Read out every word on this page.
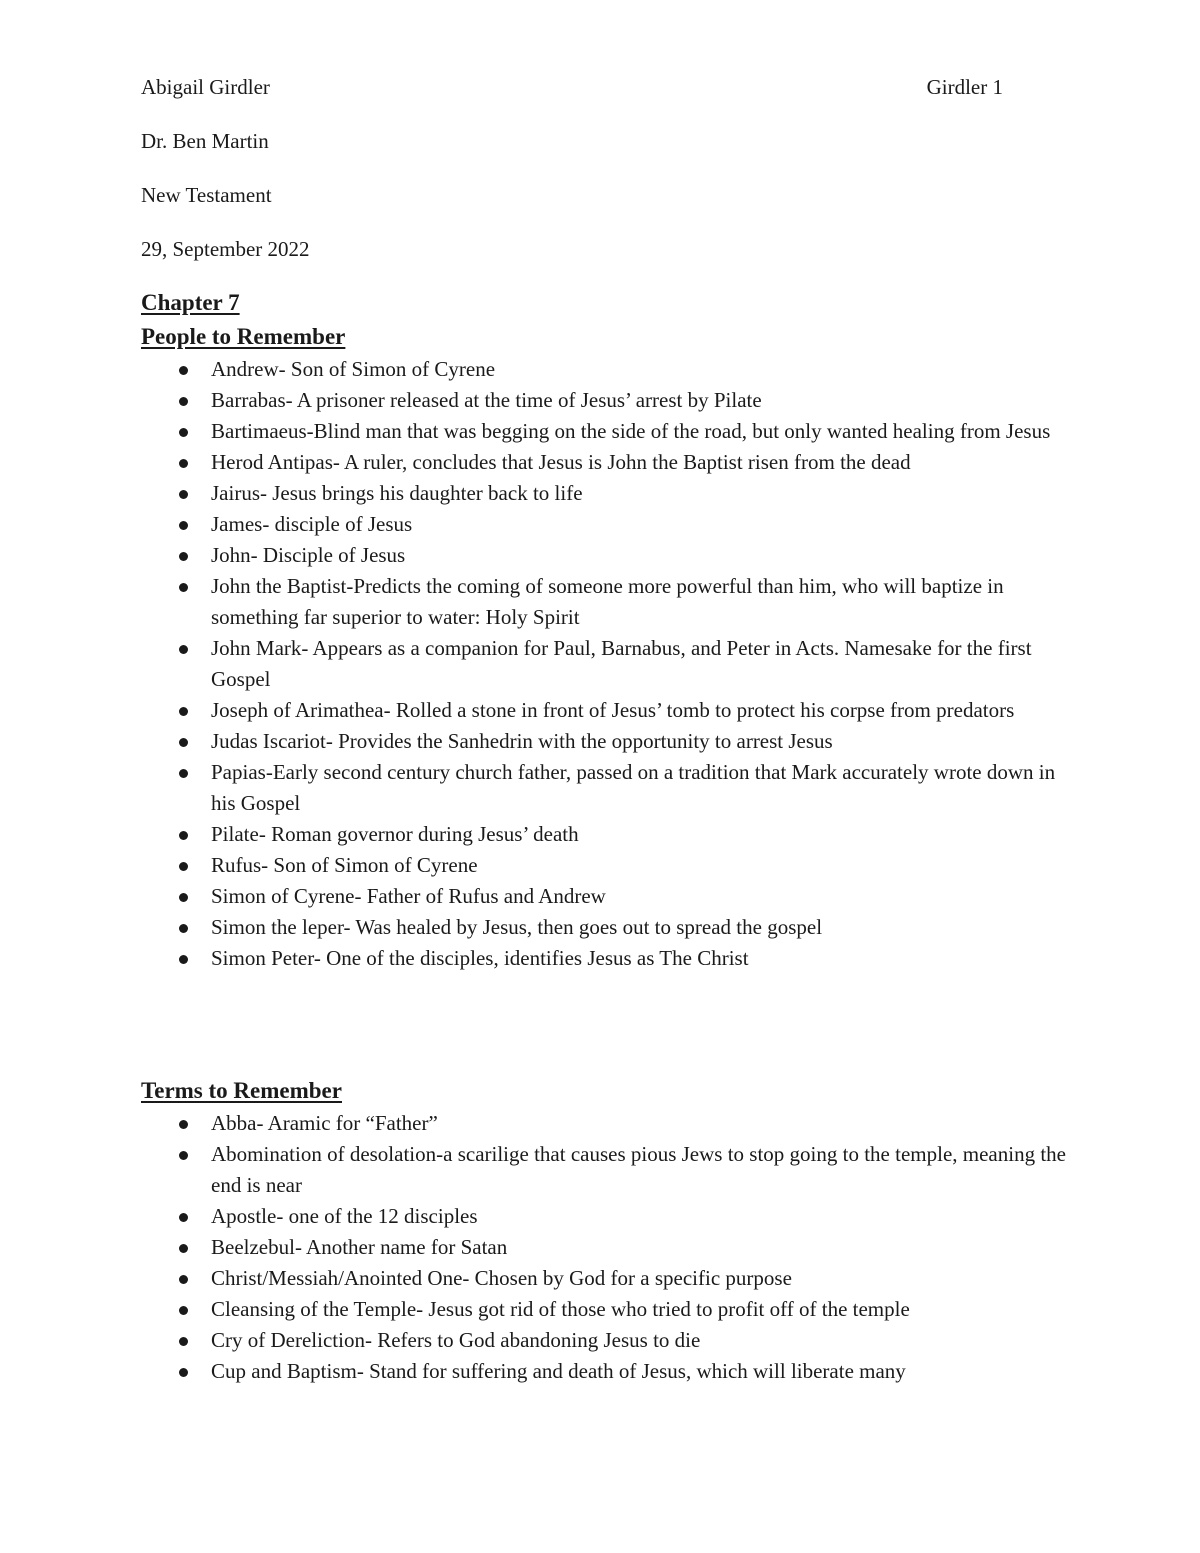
Abigail Girdler	Girdler 1
Dr. Ben Martin
New Testament
29, September 2022
Chapter 7
People to Remember
Andrew- Son of Simon of Cyrene
Barrabas- A prisoner released at the time of Jesus’ arrest by Pilate
Bartimaeus-Blind man that was begging on the side of the road, but only wanted healing from Jesus
Herod Antipas- A ruler, concludes that Jesus is John the Baptist risen from the dead
Jairus- Jesus brings his daughter back to life
James- disciple of Jesus
John- Disciple of Jesus
John the Baptist-Predicts the coming of someone more powerful than him, who will baptize in something far superior to water: Holy Spirit
John Mark- Appears as a companion for Paul, Barnabus, and Peter in Acts. Namesake for the first Gospel
Joseph of Arimathea- Rolled a stone in front of Jesus’ tomb to protect his corpse from predators
Judas Iscariot- Provides the Sanhedrin with the opportunity to arrest Jesus
Papias-Early second century church father, passed on a tradition that Mark accurately wrote down in his Gospel
Pilate- Roman governor during Jesus’ death
Rufus- Son of Simon of Cyrene
Simon of Cyrene- Father of Rufus and Andrew
Simon the leper- Was healed by Jesus, then goes out to spread the gospel
Simon Peter- One of the disciples, identifies Jesus as The Christ
Terms to Remember
Abba- Aramic for “Father”
Abomination of desolation-a scarilige that causes pious Jews to stop going to the temple, meaning the end is near
Apostle- one of the 12 disciples
Beelzebul- Another name for Satan
Christ/Messiah/Anointed One- Chosen by God for a specific purpose
Cleansing of the Temple- Jesus got rid of those who tried to profit off of the temple
Cry of Dereliction- Refers to God abandoning Jesus to die
Cup and Baptism- Stand for suffering and death of Jesus, which will liberate many
